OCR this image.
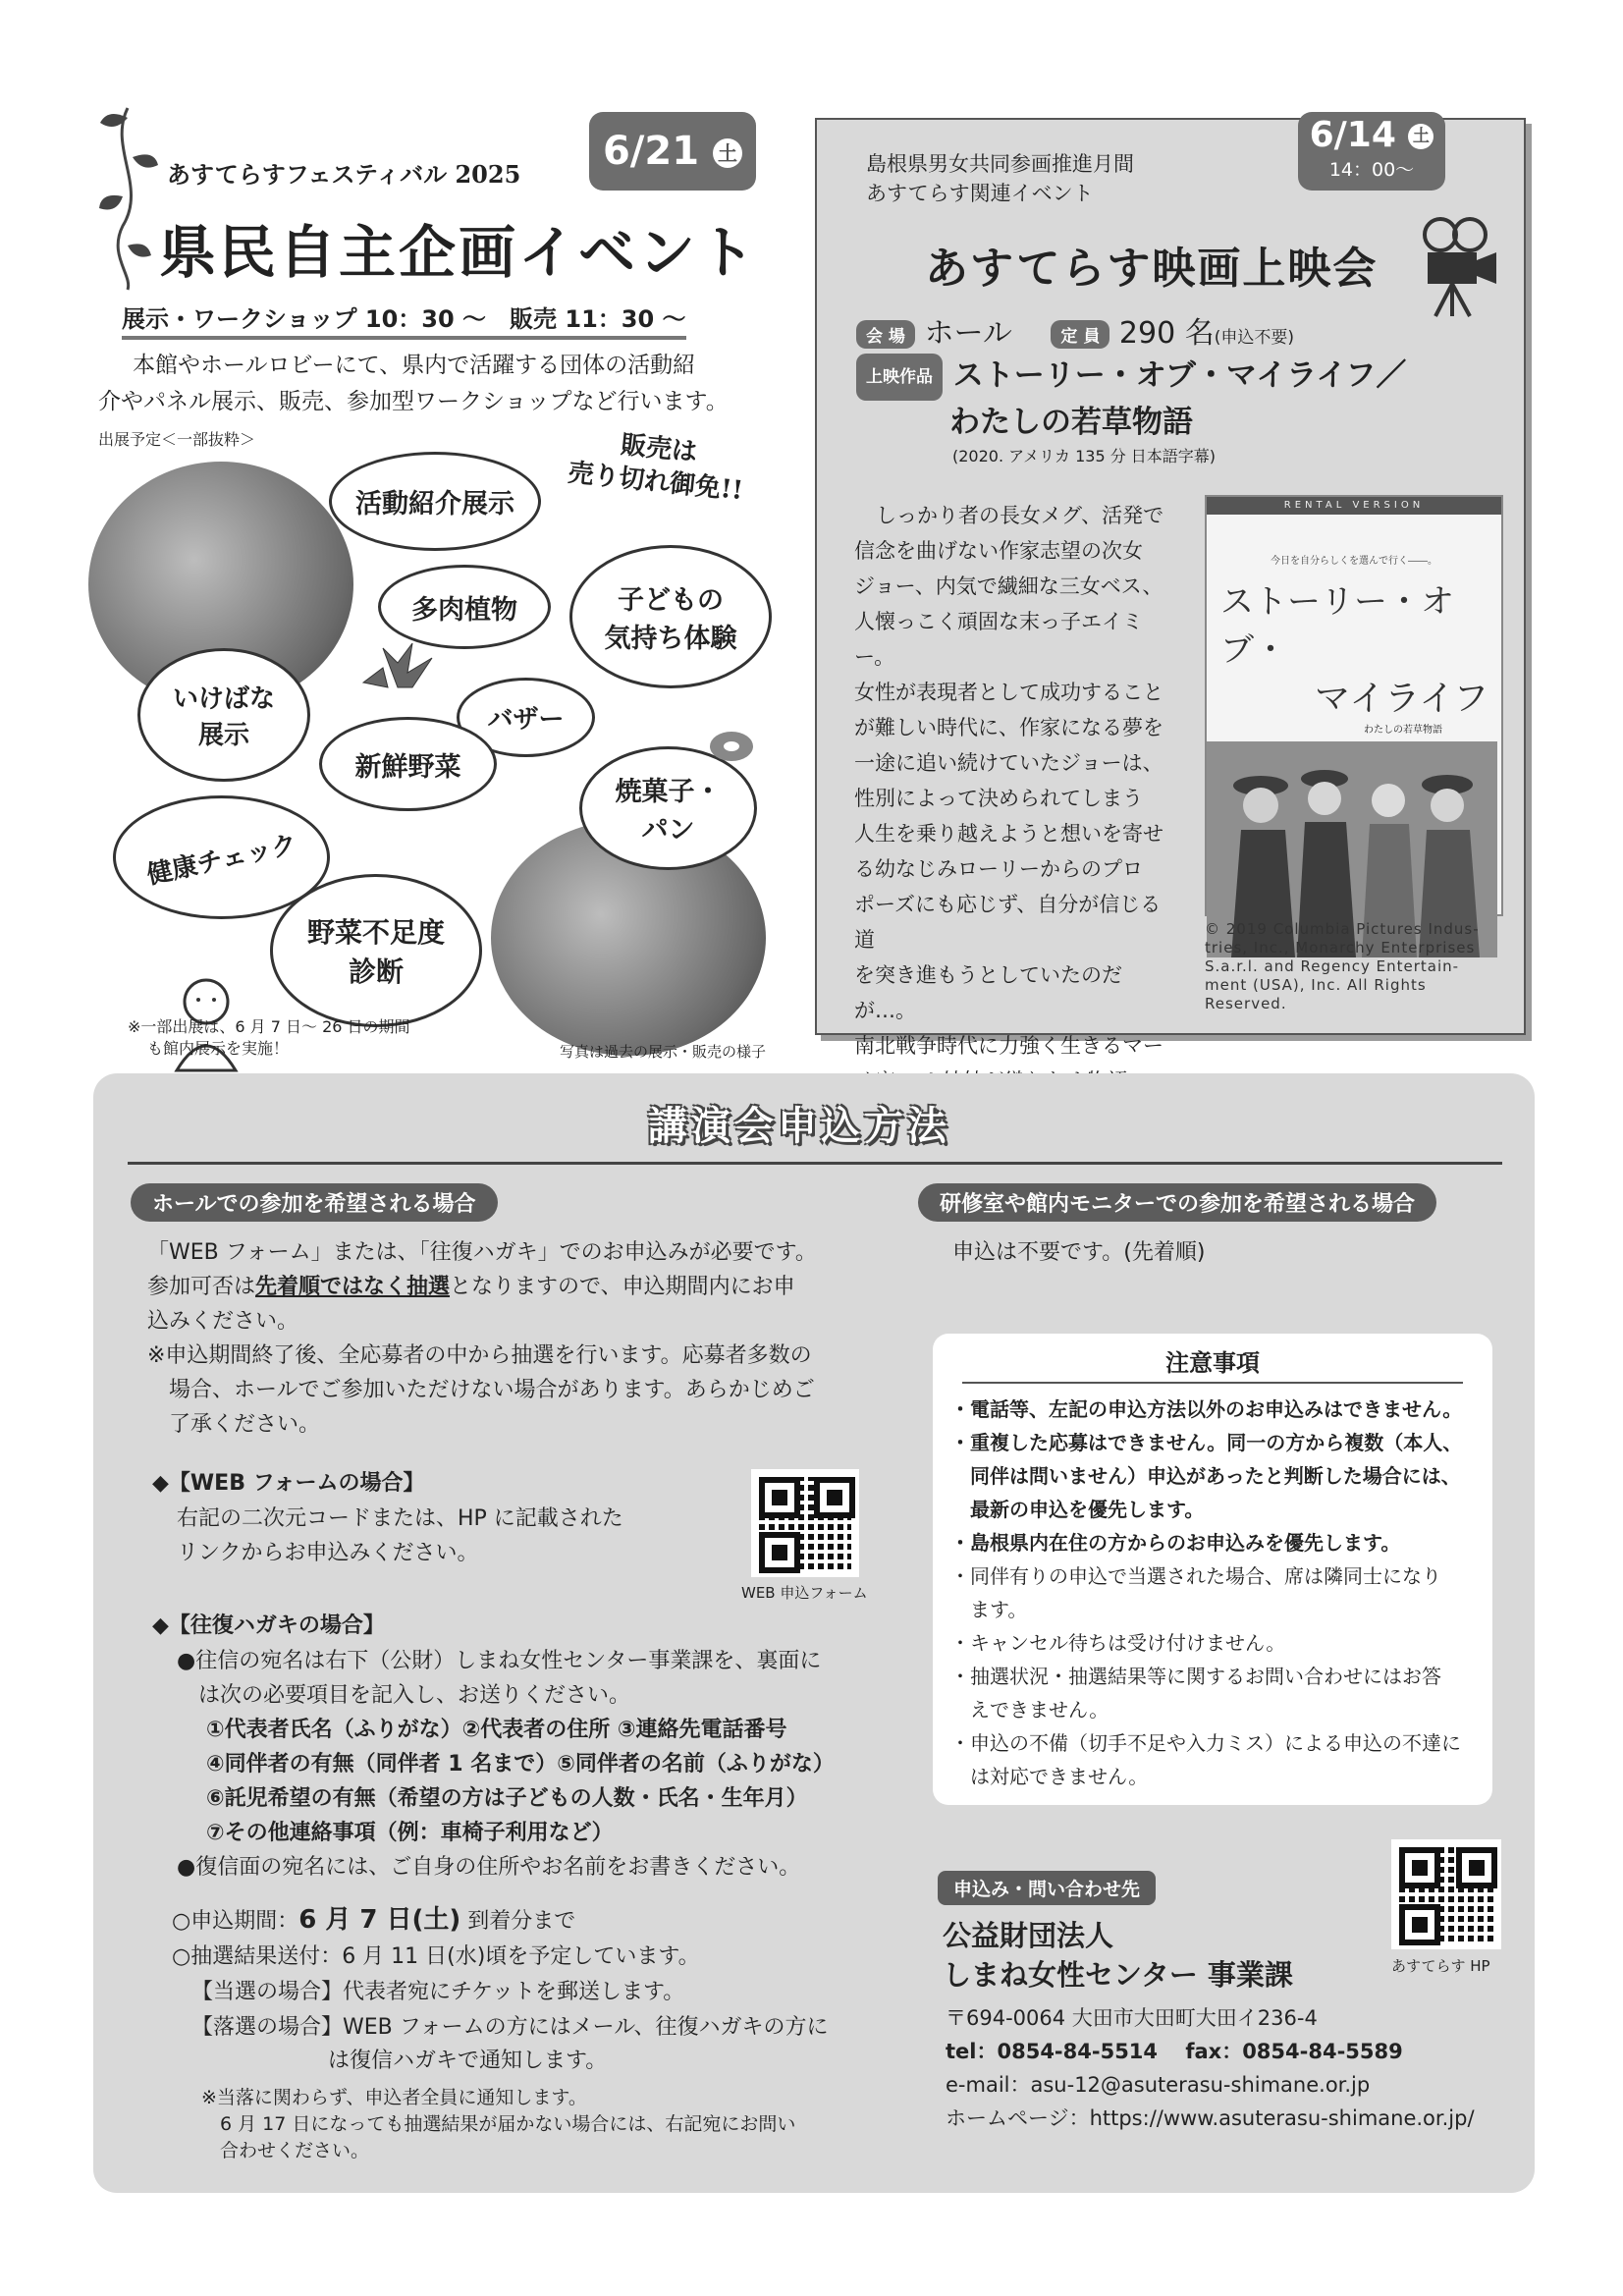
あすてらすフェスティバル 2025
6/21 土
県民自主企画イベント
展示・ワークショップ 10：30 ～　販売 11：30 ～
本館やホールロビーにて、県内で活躍する団体の活動紹
介やパネル展示、販売、参加型ワークショップなど行います。
出展予定＜一部抜粋＞	販売は
売り切れ御免!!
活動紹介展示
多肉植物	子どもの
気持ち体験
いけばな
展示
バザー
新鮮野菜
焼菓子・
パン
健康チェック
野菜不足度
診断
※一部出展は、6 月 7 日～ 26 日の期間
も館内展示を実施！	写真は過去の展示・販売の様子
島根県男女共同参画推進月間
あすてらす関連イベント
6/14 土
14：00～
あすてらす映画上映会
会 場 ホール	定 員 290 名(申込不要)
上映作品 ストーリー・オブ・マイライフ／
わたしの若草物語
(2020. アメリカ 135 分 日本語字幕)
しっかり者の長女メグ、活発で
信念を曲げない作家志望の次女
ジョー、内気で繊細な三女ベス、
人懐っこく頑固な末っ子エイミー。
女性が表現者として成功すること
が難しい時代に、作家になる夢を
一途に追い続けていたジョーは、
性別によって決められてしまう
人生を乗り越えようと想いを寄せ
る幼なじみローリーからのプロ
ポーズにも応じず、自分が信じる道
を突き進もうとしていたのだが…。
南北戦争時代に力強く生きるマー
RENTAL VERSION
今日を自分らしくを選んで行く――。
ストーリー・オブ・
マイライフ
わたしの若草物語
© 2019 Columbia Pictures Indus-
tries, Inc., Monarchy Enterprises
S.a.r.l. and Regency Entertain-
ment (USA), Inc. All Rights
Reserved.
講演会申込方法
ホールでの参加を希望される場合
「WEB フォーム」または、「往復ハガキ」でのお申込みが必要です。
参加可否は先着順ではなく抽選となりますので、申込期間内にお申
込みください。
※申込期間終了後、全応募者の中から抽選を行います。応募者多数の
　場合、ホールでご参加いただけない場合があります。あらかじめご
　了承ください。
◆【WEB フォームの場合】
右記の二次元コードまたは、HP に記載された
リンクからお申込みください。
WEB 申込フォーム
◆【往復ハガキの場合】
●往信の宛名は右下（公財）しまね女性センター事業課を、裏面に
　は次の必要項目を記入し、お送りください。
①代表者氏名（ふりがな）②代表者の住所 ③連絡先電話番号
④同伴者の有無（同伴者 1 名まで）⑤同伴者の名前（ふりがな）
⑥託児希望の有無（希望の方は子どもの人数・氏名・生年月）
⑦その他連絡事項（例：車椅子利用など）
●復信面の宛名には、ご自身の住所やお名前をお書きください。
○申込期間：6 月 7 日(土) 到着分まで
○抽選結果送付：6 月 11 日(水)頃を予定しています。
【当選の場合】代表者宛にチケットを郵送します。
【落選の場合】WEB フォームの方にはメール、往復ハガキの方に
　　　　　　 は復信ハガキで通知します。
※当落に関わらず、申込者全員に通知します。
　6 月 17 日になっても抽選結果が届かない場合には、右記宛にお問い
　合わせください。
研修室や館内モニターでの参加を希望される場合
申込は不要です。(先着順)
注意事項
・電話等、左記の申込方法以外のお申込みはできません。
・重複した応募はできません。同一の方から複数（本人、
　同伴は問いません）申込があったと判断した場合には、
　最新の申込を優先します。
・島根県内在住の方からのお申込みを優先します。
・同伴有りの申込で当選された場合、席は隣同士になり
　ます。
・キャンセル待ちは受け付けません。
・抽選状況・抽選結果等に関するお問い合わせにはお答
　えできません。
・申込の不備（切手不足や入力ミス）による申込の不達に
　は対応できません。
申込み・問い合わせ先
公益財団法人
しまね女性センター 事業課	あすてらす HP
〒694-0064 大田市大田町大田イ236-4
tel：0854-84-5514　 fax：0854-84-5589
e-mail：asu-12@asuterasu-shimane.or.jp
ホームページ：https://www.asuterasu-shimane.or.jp/
